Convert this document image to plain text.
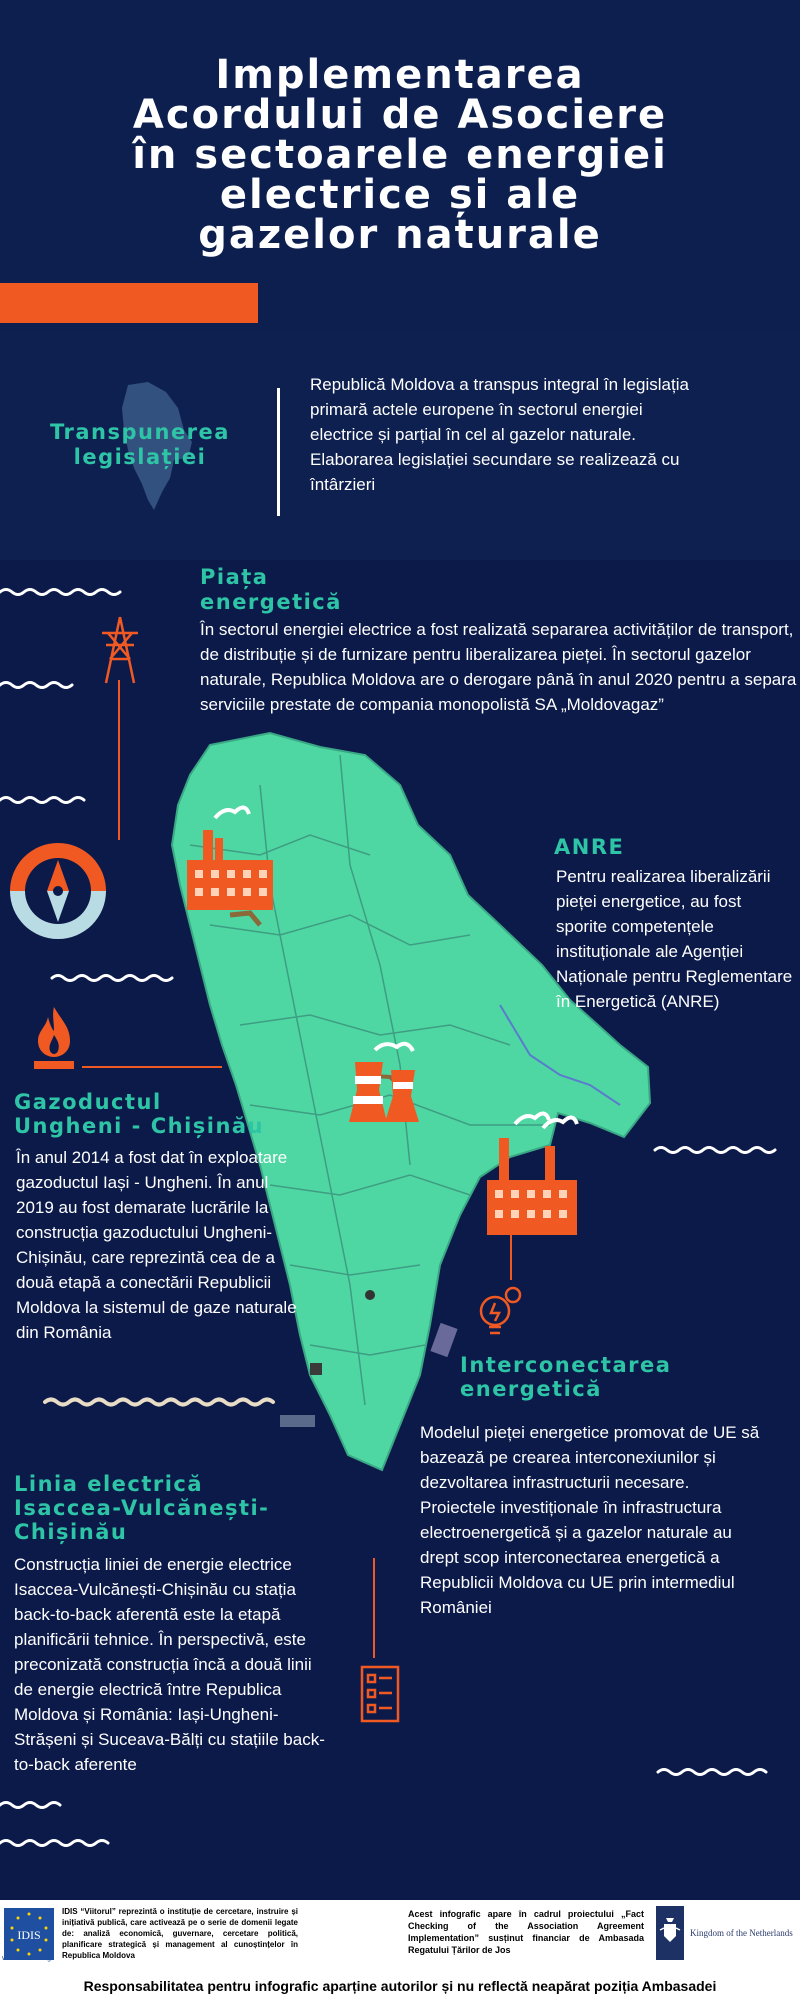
Implementarea
Acordului de Asociere
în sectoarele energiei
electrice și ale
gazelor naturale
Transpunerea
legislației
Republică Moldova a transpus integral în legislația primară actele europene în sectorul energiei electrice și parțial în cel al gazelor naturale. Elaborarea legislației secundare se realizează cu întârzieri
Piața
energetică
În sectorul energiei electrice a fost realizată separarea activităților de transport, de distribuție și de furnizare pentru liberalizarea pieței. În sectorul gazelor naturale, Republica Moldova are o derogare până în anul 2020 pentru a separa serviciile prestate de compania monopolistă SA „Moldovagaz”
ANRE
Pentru realizarea liberalizării pieței energetice, au fost sporite competențele instituționale ale Agenției Naționale pentru Reglementare în Energetică (ANRE)
Gazoductul
Ungheni - Chișinău
În anul 2014 a fost dat în exploatare gazoductul Iași - Ungheni. În anul 2019 au fost demarate lucrările la construcția gazoductului Ungheni-Chișinău, care reprezintă cea de a două etapă a conectării Republicii Moldova la sistemul de gaze naturale din România
Interconectarea
energetică
Modelul pieței energetice promovat de UE să bazează pe crearea interconexiunilor și dezvoltarea infrastructurii necesare. Proiectele investiționale în infrastructura electroenergetică și a gazelor naturale au drept scop interconectarea energetică a Republicii Moldova cu UE prin intermediul României
Linia electrică
Isaccea-Vulcănești-
Chișinău
Construcția liniei de energie electrice Isaccea-Vulcănești-Chișinău cu stația back-to-back aferentă este la etapă planificării tehnice. În perspectivă, este preconizată construcția încă a două linii de energie electrică între Republica Moldova și România: Iași-Ungheni-Strășeni și Suceava-Bălți cu stațiile back-to-back aferente
IDIS
www.viitorul.org
IDIS “Viitorul” reprezintă o instituție de cercetare, instruire și inițiativă publică, care activează pe o serie de domenii legate de: analiză economică, guvernare, cercetare politică, planificare strategică și management al cunoștințelor în Republica Moldova
Acest infografic apare în cadrul proiectului „Fact Checking of the Association Agreement Implementation” susținut financiar de Ambasada Regatului Țărilor de Jos
Kingdom of the Netherlands
Responsabilitatea pentru infografic aparține autorilor și nu reflectă neapărat poziția Ambasadei
